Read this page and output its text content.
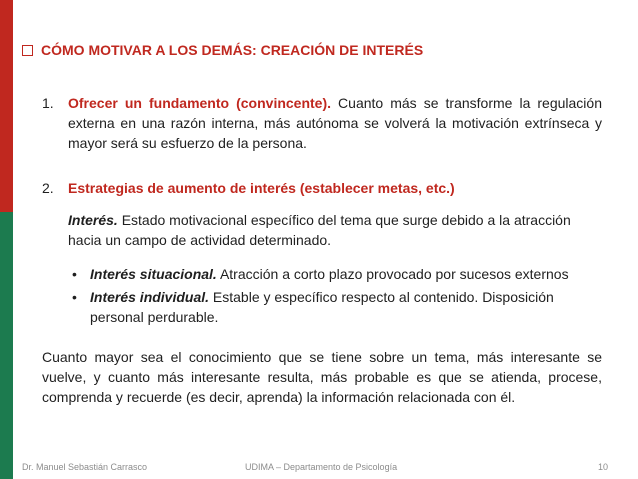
CÓMO MOTIVAR A LOS DEMÁS: CREACIÓN DE INTERÉS
1. Ofrecer un fundamento (convincente). Cuanto más se transforme la regulación externa en una razón interna, más autónoma se volverá la motivación extrínseca y mayor será su esfuerzo de la persona.
2. Estrategias de aumento de interés (establecer metas, etc.)
Interés. Estado motivacional específico del tema que surge debido a la atracción hacia un campo de actividad determinado.
• Interés situacional. Atracción a corto plazo provocado por sucesos externos
• Interés individual. Estable y específico respecto al contenido. Disposición personal perdurable.
Cuanto mayor sea el conocimiento que se tiene sobre un tema, más interesante se vuelve, y cuanto más interesante resulta, más probable es que se atienda, procese, comprenda y recuerde (es decir, aprenda) la información relacionada con él.
Dr. Manuel Sebastián Carrasco	UDIMA – Departamento de Psicología	10
